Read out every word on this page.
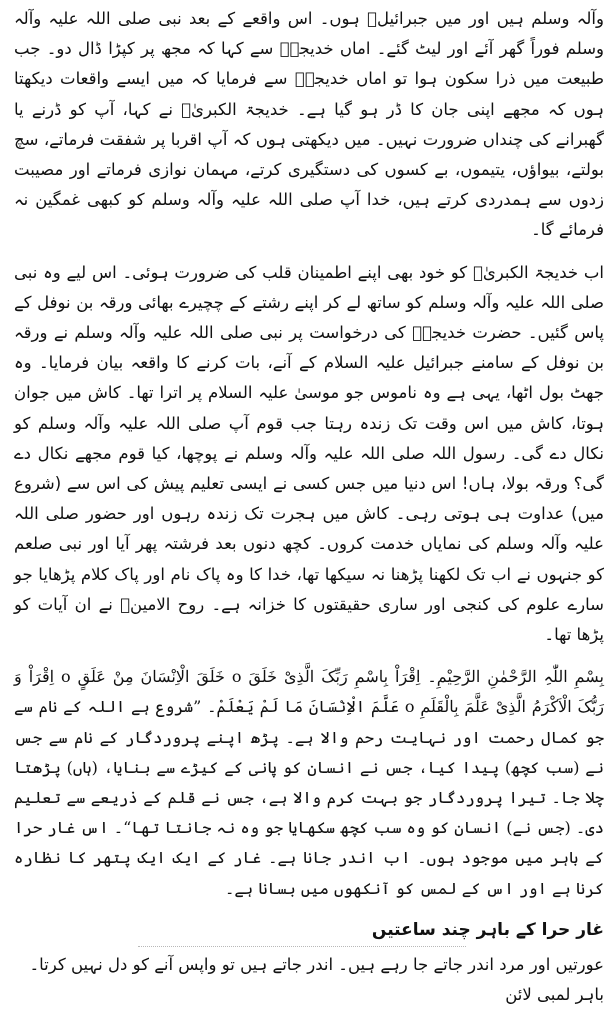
وآلہ وسلم ہیں اور میں جبرائیلؑ ہوں۔ اس واقعے کے بعد نبی صلی اللہ علیہ وآلہ وسلم فوراً گھر آئے اور لیٹ گئے۔ اماں خدیجہؓ سے کہا کہ مجھ پر کپڑا ڈال دو۔ جب طبیعت میں ذرا سکون ہوا تو اماں خدیجہؓ سے فرمایا کہ میں ایسے واقعات دیکھتا ہوں کہ مجھے اپنی جان کا ڈر ہو گیا ہے۔ خدیجۃ الکبریٰؓ نے کہا، آپ کو ڈرنے یا گھبرانے کی چنداں ضرورت نہیں۔ میں دیکھتی ہوں کہ آپ اقربا پر شفقت فرماتے، سچ بولتے، بیواؤں، یتیموں، بے کسوں کی دستگیری کرتے، مہمان نوازی فرماتے اور مصیبت زدوں سے ہمدردی کرتے ہیں، خدا آپ صلی اللہ علیہ وآلہ وسلم کو کبھی غمگین نہ فرمائے گا۔

اب خدیجۃ الکبریٰؓ کو خود بھی اپنے اطمینان قلب کی ضرورت ہوئی۔ اس لیے وہ نبی صلی اللہ علیہ وآلہ وسلم کو ساتھ لے کر اپنے رشتے کے چچیرے بھائی ورقہ بن نوفل کے پاس گئیں۔ حضرت خدیجہؓ کی درخواست پر نبی صلی اللہ علیہ وآلہ وسلم نے ورقہ بن نوفل کے سامنے جبرائیل علیہ السلام کے آنے، بات کرنے کا واقعہ بیان فرمایا۔ وہ جھٹ بول اٹھا، یہی ہے وہ ناموس جو موسیٰ علیہ السلام پر اترا تھا۔ کاش میں جوان ہوتا، کاش میں اس وقت تک زندہ رہتا جب قوم آپ صلی اللہ علیہ وآلہ وسلم کو نکال دے گی۔ رسول اللہ صلی اللہ علیہ وآلہ وسلم نے پوچھا، کیا قوم مجھے نکال دے گی؟ ورقہ بولا، ہاں! اس دنیا میں جس کسی نے ایسی تعلیم پیش کی اس سے (شروع میں) عداوت ہی ہوتی رہی۔ کاش میں ہجرت تک زندہ رہوں اور حضور صلی اللہ علیہ وآلہ وسلم کی نمایاں خدمت کروں۔ کچھ دنوں بعد فرشتہ پھر آیا اور نبی صلعم کو جنہوں نے اب تک لکھنا پڑھنا نہ سیکھا تھا، خدا کا وہ پاک نام اور پاک کلام پڑھایا جو سارے علوم کی کنجی اور ساری حقیقتوں کا خزانہ ہے۔ روح الامینؑ نے ان آیات کو پڑھا تھا۔

بِسْمِ اللّٰہِ الرَّحْمٰنِ الرَّحِیْمِ۔ اِقْرَاْ بِاسْمِ رَبِّکَ الَّذِیْ خَلَقَ o خَلَقَ الْاِنْسَانَ مِنْ عَلَقٍ o اِقْرَاْ وَ رَبُّکَ الْاَکْرَمُ الَّذِیْ عَلَّمَ بِالْقَلَمِ o عَلَّمَ الْاِنْسَانَ مَا لَمْ یَعْلَمْ۔ ”شروع ہے اللہ کے نام سے جو کمال رحمت اور نہایت رحم والا ہے۔ پڑھ اپنے پروردگار کے نام سے جس نے (سب کچھ) پیدا کیا، جس نے انسان کو پانی کے کیڑے سے بنایا، (ہاں) پڑھتا چلا جا۔ تیرا پروردگار جو بہت کرم والا ہے، جس نے قلم کے ذریعے سے تعلیم دی۔ (جس نے) انسان کو وہ سب کچھ سکھایا جو وہ نہ جانتا تھا“۔ اس غار حرا کے باہر میں موجود ہوں۔ اب اندر جانا ہے۔ غار کے ایک ایک پتھر کا نظارہ کرنا ہے اور اس کے لمس کو آنکھوں میں بسانا ہے۔

غار حرا کے باہر چند ساعتیں

عورتیں اور مرد اندر جاتے جا رہے ہیں۔ اندر جاتے ہیں تو واپس آنے کو دل نہیں کرتا۔ باہر لمبی لائن
